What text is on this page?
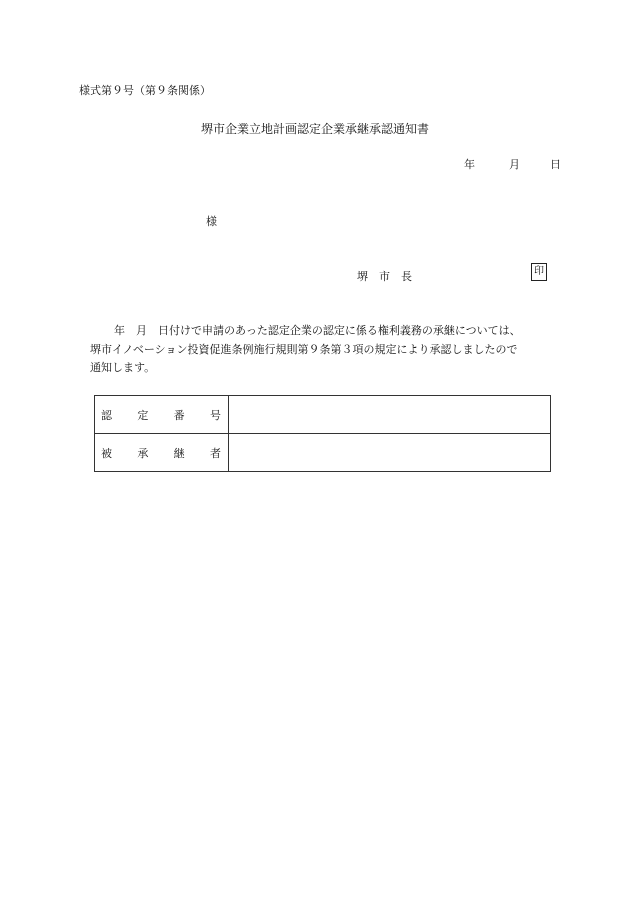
様式第９号（第９条関係）
堺市企業立地計画認定企業承継承認通知書
年	月	日
様
堺　市　長	印
年　月　日付けで申請のあった認定企業の認定に係る権利義務の承継については、
堺市イノベーション投資促進条例施行規則第９条第３項の規定により承認しましたので
通知します。
認 定 番 号	

被 承 継 者	
